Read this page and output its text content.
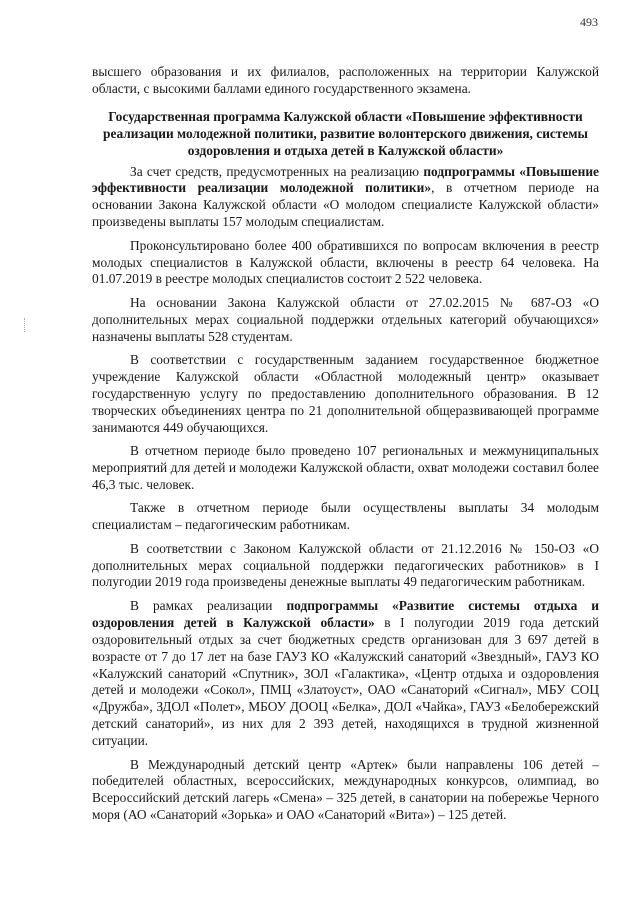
493

высшего образования и их филиалов, расположенных на территории Калужской области, с высокими баллами единого государственного экзамена.

Государственная программа Калужской области «Повышение эффективности реализации молодежной политики, развитие волонтерского движения, системы оздоровления и отдыха детей в Калужской области»

За счет средств, предусмотренных на реализацию подпрограммы «Повышение эффективности реализации молодежной политики», в отчетном периоде на основании Закона Калужской области «О молодом специалисте Калужской области» произведены выплаты 157 молодым специалистам.

Проконсультировано более 400 обратившихся по вопросам включения в реестр молодых специалистов в Калужской области, включены в реестр 64 человека. На 01.07.2019 в реестре молодых специалистов состоит 2 522 человека.

На основании Закона Калужской области от 27.02.2015 № 687-ОЗ «О дополнительных мерах социальной поддержки отдельных категорий обучающихся» назначены выплаты 528 студентам.

В соответствии с государственным заданием государственное бюджетное учреждение Калужской области «Областной молодежный центр» оказывает государственную услугу по предоставлению дополнительного образования. В 12 творческих объединениях центра по 21 дополнительной общеразвивающей программе занимаются 449 обучающихся.

В отчетном периоде было проведено 107 региональных и межмуниципальных мероприятий для детей и молодежи Калужской области, охват молодежи составил более 46,3 тыс. человек.

Также в отчетном периоде были осуществлены выплаты 34 молодым специалистам – педагогическим работникам.

В соответствии с Законом Калужской области от 21.12.2016 № 150-ОЗ «О дополнительных мерах социальной поддержки педагогических работников» в I полугодии 2019 года произведены денежные выплаты 49 педагогическим работникам.

В рамках реализации подпрограммы «Развитие системы отдыха и оздоровления детей в Калужской области» в I полугодии 2019 года детский оздоровительный отдых за счет бюджетных средств организован для 3 697 детей в возрасте от 7 до 17 лет на базе ГАУЗ КО «Калужский санаторий «Звездный», ГАУЗ КО «Калужский санаторий «Спутник», ЗОЛ «Галактика», «Центр отдыха и оздоровления детей и молодежи «Сокол», ПМЦ «Златоуст», ОАО «Санаторий «Сигнал», МБУ СОЦ «Дружба», ЗДОЛ «Полет», МБОУ ДООЦ «Белка», ДОЛ «Чайка», ГАУЗ «Белобережский детский санаторий», из них для 2 393 детей, находящихся в трудной жизненной ситуации.

В Международный детский центр «Артек» были направлены 106 детей – победителей областных, всероссийских, международных конкурсов, олимпиад, во Всероссийский детский лагерь «Смена» – 325 детей, в санатории на побережье Черного моря (АО «Санаторий «Зорька» и ОАО «Санаторий «Вита») – 125 детей.
